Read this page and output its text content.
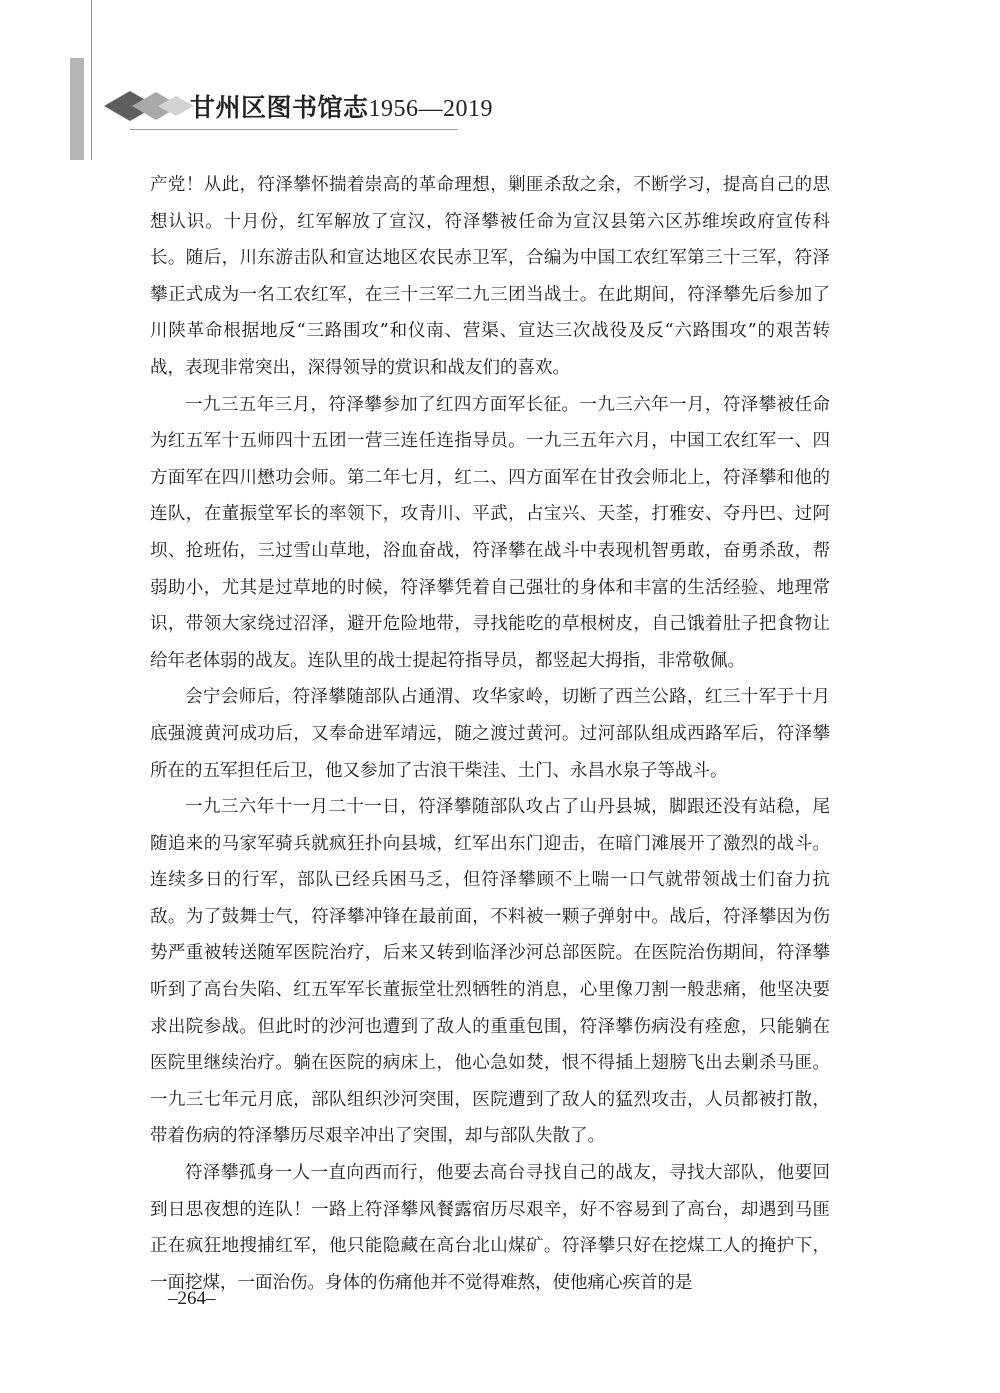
甘州区图书馆志1956—2019

产党！从此，符泽攀怀揣着崇高的革命理想，剿匪杀敌之余，不断学习，提高自己的思想认识。十月份，红军解放了宣汉，符泽攀被任命为宣汉县第六区苏维埃政府宣传科长。随后，川东游击队和宣达地区农民赤卫军，合编为中国工农红军第三十三军，符泽攀正式成为一名工农红军，在三十三军二九三团当战士。在此期间，符泽攀先后参加了川陕革命根据地反“三路围攻”和仪南、营渠、宣达三次战役及反“六路围攻”的艰苦转战，表现非常突出，深得领导的赏识和战友们的喜欢。

一九三五年三月，符泽攀参加了红四方面军长征。一九三六年一月，符泽攀被任命为红五军十五师四十五团一营三连任连指导员。一九三五年六月，中国工农红军一、四方面军在四川懋功会师。第二年七月，红二、四方面军在甘孜会师北上，符泽攀和他的连队，在董振堂军长的率领下，攻青川、平武，占宝兴、天荃，打雅安、夺丹巴、过阿坝、抢班佑，三过雪山草地，浴血奋战，符泽攀在战斗中表现机智勇敢，奋勇杀敌，帮弱助小，尤其是过草地的时候，符泽攀凭着自己强壮的身体和丰富的生活经验、地理常识，带领大家绕过沼泽，避开危险地带，寻找能吃的草根树皮，自己饿着肚子把食物让给年老体弱的战友。连队里的战士提起符指导员，都竖起大拇指，非常敬佩。

会宁会师后，符泽攀随部队占通渭、攻华家岭，切断了西兰公路，红三十军于十月底强渡黄河成功后，又奉命进军靖远，随之渡过黄河。过河部队组成西路军后，符泽攀所在的五军担任后卫，他又参加了古浪干柴洼、土门、永昌水泉子等战斗。

一九三六年十一月二十一日，符泽攀随部队攻占了山丹县城，脚跟还没有站稳，尾随追来的马家军骑兵就疯狂扑向县城，红军出东门迎击，在暗门滩展开了激烈的战斗。连续多日的行军，部队已经兵困马乏，但符泽攀顾不上喘一口气就带领战士们奋力抗敌。为了鼓舞士气，符泽攀冲锋在最前面，不料被一颗子弹射中。战后，符泽攀因为伤势严重被转送随军医院治疗，后来又转到临泽沙河总部医院。在医院治伤期间，符泽攀听到了高台失陷、红五军军长董振堂壮烈牺牲的消息，心里像刀割一般悲痛，他坚决要求出院参战。但此时的沙河也遭到了敌人的重重包围，符泽攀伤病没有痊愈，只能躺在医院里继续治疗。躺在医院的病床上，他心急如焚，恨不得插上翅膀飞出去剿杀马匪。一九三七年元月底，部队组织沙河突围，医院遭到了敌人的猛烈攻击，人员都被打散，带着伤病的符泽攀历尽艰辛冲出了突围，却与部队失散了。

符泽攀孤身一人一直向西而行，他要去高台寻找自己的战友，寻找大部队，他要回到日思夜想的连队！一路上符泽攀风餐露宿历尽艰辛，好不容易到了高台，却遇到马匪正在疯狂地搜捕红军，他只能隐藏在高台北山煤矿。符泽攀只好在挖煤工人的掩护下，一面挖煤，一面治伤。身体的伤痛他并不觉得难熬，使他痛心疾首的是

–264–
